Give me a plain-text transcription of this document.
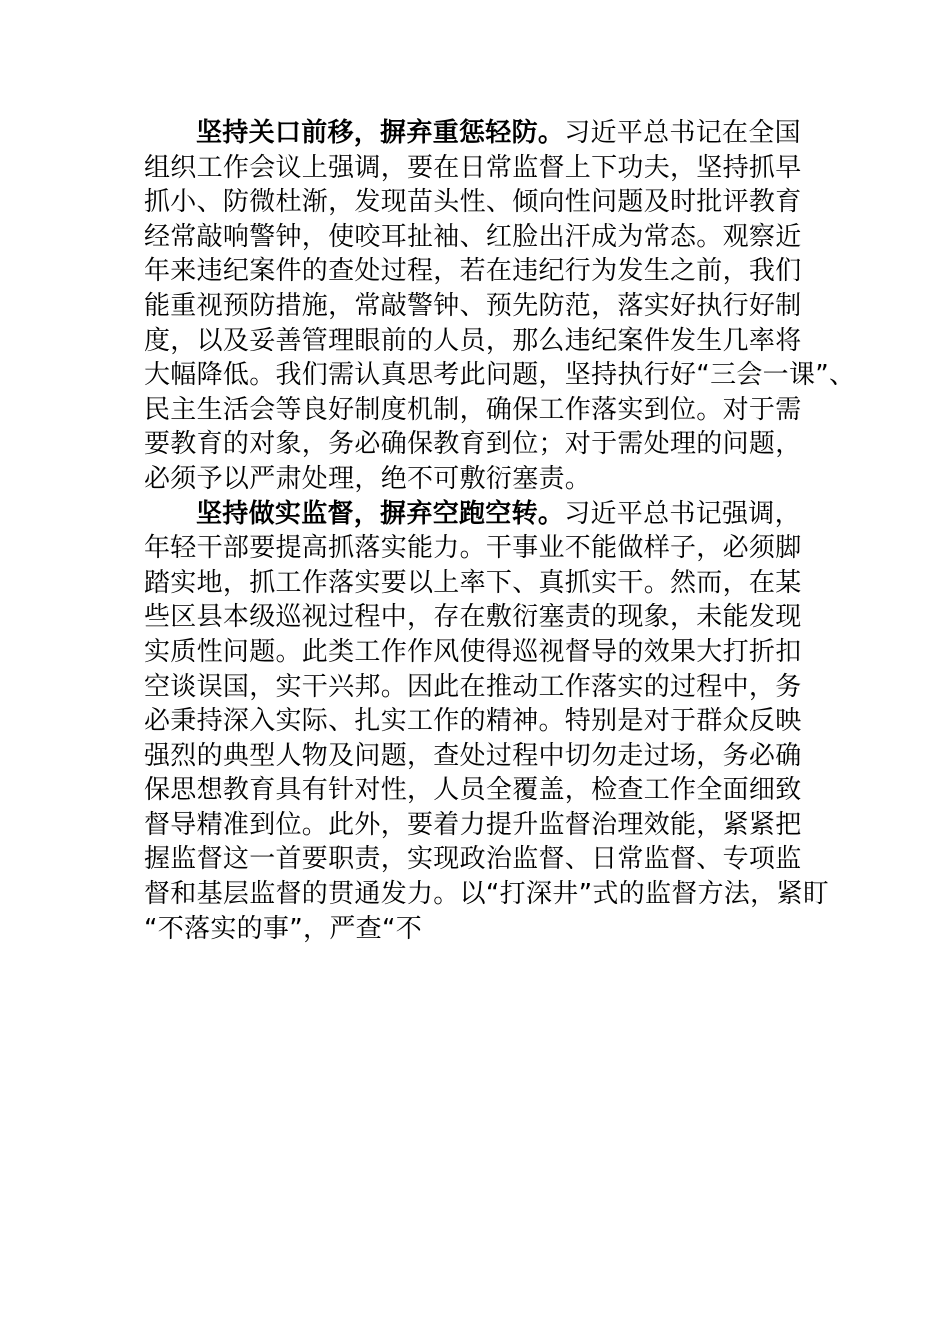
坚持关口前移，摒弃重惩轻防。习近平总书记在全国
组织工作会议上强调，要在日常监督上下功夫，坚持抓早
抓小、防微杜渐，发现苗头性、倾向性问题及时批评教育
经常敲响警钟，使咬耳扯袖、红脸出汗成为常态。观察近
年来违纪案件的查处过程，若在违纪行为发生之前，我们
能重视预防措施，常敲警钟、预先防范，落实好执行好制
度，以及妥善管理眼前的人员，那么违纪案件发生几率将
大幅降低。我们需认真思考此问题，坚持执行好“三会一课”、
民主生活会等良好制度机制，确保工作落实到位。对于需
要教育的对象，务必确保教育到位；对于需处理的问题，
必须予以严肃处理，绝不可敷衍塞责。
坚持做实监督，摒弃空跑空转。习近平总书记强调，
年轻干部要提高抓落实能力。干事业不能做样子，必须脚
踏实地，抓工作落实要以上率下、真抓实干。然而，在某
些区县本级巡视过程中，存在敷衍塞责的现象，未能发现
实质性问题。此类工作作风使得巡视督导的效果大打折扣
空谈误国，实干兴邦。因此在推动工作落实的过程中，务
必秉持深入实际、扎实工作的精神。特别是对于群众反映
强烈的典型人物及问题，查处过程中切勿走过场，务必确
保思想教育具有针对性，人员全覆盖，检查工作全面细致
督导精准到位。此外，要着力提升监督治理效能，紧紧把
握监督这一首要职责，实现政治监督、日常监督、专项监
督和基层监督的贯通发力。以“打深井”式的监督方法，紧盯
“不落实的事”，严查“不
